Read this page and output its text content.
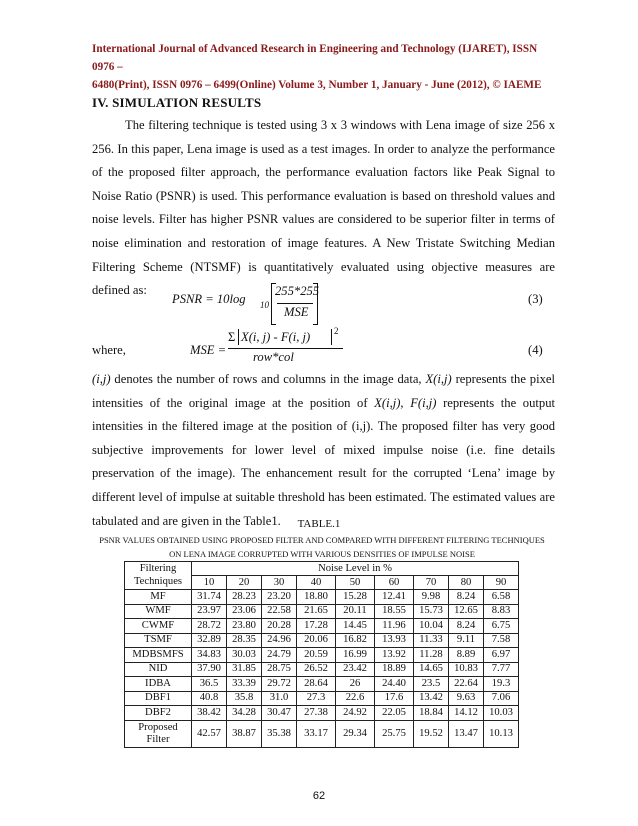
International Journal of Advanced Research in Engineering and Technology (IJARET), ISSN 0976 –
6480(Print), ISSN 0976 – 6499(Online) Volume 3, Number 1, January - June (2012), © IAEME
IV. SIMULATION RESULTS
The filtering technique is tested using 3 x 3 windows with Lena image of size 256 x 256. In this paper, Lena image is used as a test images. In order to analyze the performance of the proposed filter approach, the performance evaluation factors like Peak Signal to Noise Ratio (PSNR) is used. This performance evaluation is based on threshold values and noise levels. Filter has higher PSNR values are considered to be superior filter in terms of noise elimination and restoration of image features. A New Tristate Switching Median Filtering Scheme (NTSMF) is quantitatively evaluated using objective measures are defined as:
PSNR = 10log 10
255*255
MSE
(3)
where,	MSE =
Σ X(i, j) - F(i, j)	2
row*col	(4)
(i,j) denotes the number of rows and columns in the image data, X(i,j) represents the pixel intensities of the original image at the position of X(i,j), F(i,j) represents the output intensities in the filtered image at the position of (i,j). The proposed filter has very good subjective improvements for lower level of mixed impulse noise (i.e. fine details preservation of the image). The enhancement result for the corrupted ‘Lena’ image by different level of impulse at suitable threshold has been estimated. The estimated values are tabulated and are given in the Table1.	TABLE.1
PSNR VALUES OBTAINED USING PROPOSED FILTER AND COMPARED WITH DIFFERENT FILTERING TECHNIQUES
ON LENA IMAGE CORRUPTED WITH VARIOUS DENSITIES OF IMPULSE NOISE
Filtering	Noise Level in %								
Techniques	10	20	30	40	50	60	70	80	90
MF	31.74	28.23	23.20	18.80	15.28	12.41	9.98	8.24	6.58
WMF	23.97	23.06	22.58	21.65	20.11	18.55	15.73	12.65	8.83
CWMF	28.72	23.80	20.28	17.28	14.45	11.96	10.04	8.24	6.75
TSMF	32.89	28.35	24.96	20.06	16.82	13.93	11.33	9.11	7.58
MDBSMFS	34.83	30.03	24.79	20.59	16.99	13.92	11.28	8.89	6.97
NID	37.90	31.85	28.75	26.52	23.42	18.89	14.65	10.83	7.77
IDBA	36.5	33.39	29.72	28.64	26	24.40	23.5	22.64	19.3
DBF1	40.8	35.8	31.0	27.3	22.6	17.6	13.42	9.63	7.06
DBF2	38.42	34.28	30.47	27.38	24.92	22.05	18.84	14.12	10.03
Proposed Filter	42.57	38.87	35.38	33.17	29.34	25.75	19.52	13.47	10.13
62
